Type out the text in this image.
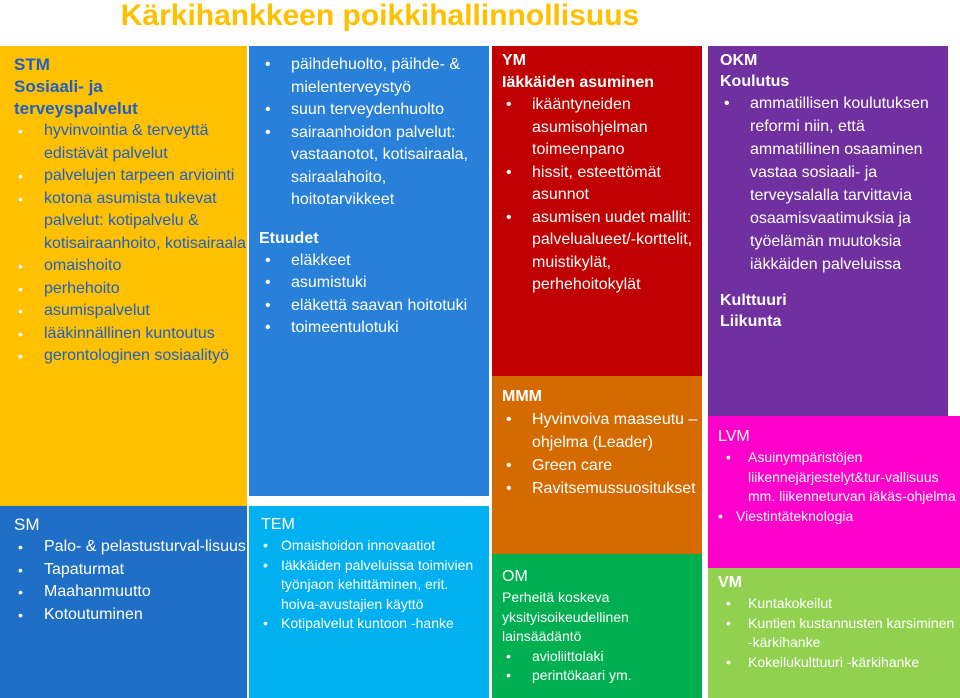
Kärkihankkeen poikkihallinnollisuus
STM
Sosiaali- ja
terveyspalvelut
• hyvinvointia & terveyttä edistävät palvelut
• palvelujen tarpeen arviointi
• kotona asumista tukevat palvelut: kotipalvelu & kotisairaanhoito, kotisairaala
• omaishoito
• perhehoito
• asumispalvelut
• lääkinnällinen kuntoutus
• gerontologinen sosiaalityö
SM
• Palo- & pelastusturval-lisuus
• Tapaturmat
• Maahanmuutto
• Kotoutuminen
• päihdehuolto, päihde- & mielenterveystyö
• suun terveydenhuolto
• sairaanhoidon palvelut: vastaanotot, kotisairaala, sairaalahoito, hoitotarvikkeet
Etuudet
• eläkkeet
• asumistuki
• eläkettä saavan hoitotuki
• toimeentulotuki
TEM
• Omaishoidon innovaatiot
• Iäkkäiden palveluissa toimivien työnjaon kehittäminen, erit. hoiva-avustajien käyttö
• Kotipalvelut kuntoon -hanke
YM
Iäkkäiden asuminen
• ikääntyneiden asumisohjelman toimeenpano
• hissit, esteettömät asunnot
• asumisen uudet mallit: palvelualueet/-korttelit, muistikylät, perhehoitokylät
MMM
• Hyvinvoiva maaseutu –ohjelma (Leader)
• Green care
• Ravitsemussuositukset
OM

Perheitä koskeva yksityisoikeudellinen lainsäädäntö

• avioliittolaki
• perintökaari ym.
OKM
Koulutus
• ammatillisen koulutuksen reformi niin, että ammatillinen osaaminen vastaa sosiaali- ja terveysalalla tarvittavia osaamisvaatimuksia ja työelämän muutoksia iäkkäiden palveluissa
Kulttuuri
Liikunta
LVM
• Asuinympäristöjen liikennejärjestelyt&tur-vallisuus mm. liikenneturvan iäkäs-ohjelma
• Viestintäteknologia
VM
• Kuntakokeilut
• Kuntien kustannusten karsiminen -kärkihanke
• Kokeilukulttuuri -kärkihanke
